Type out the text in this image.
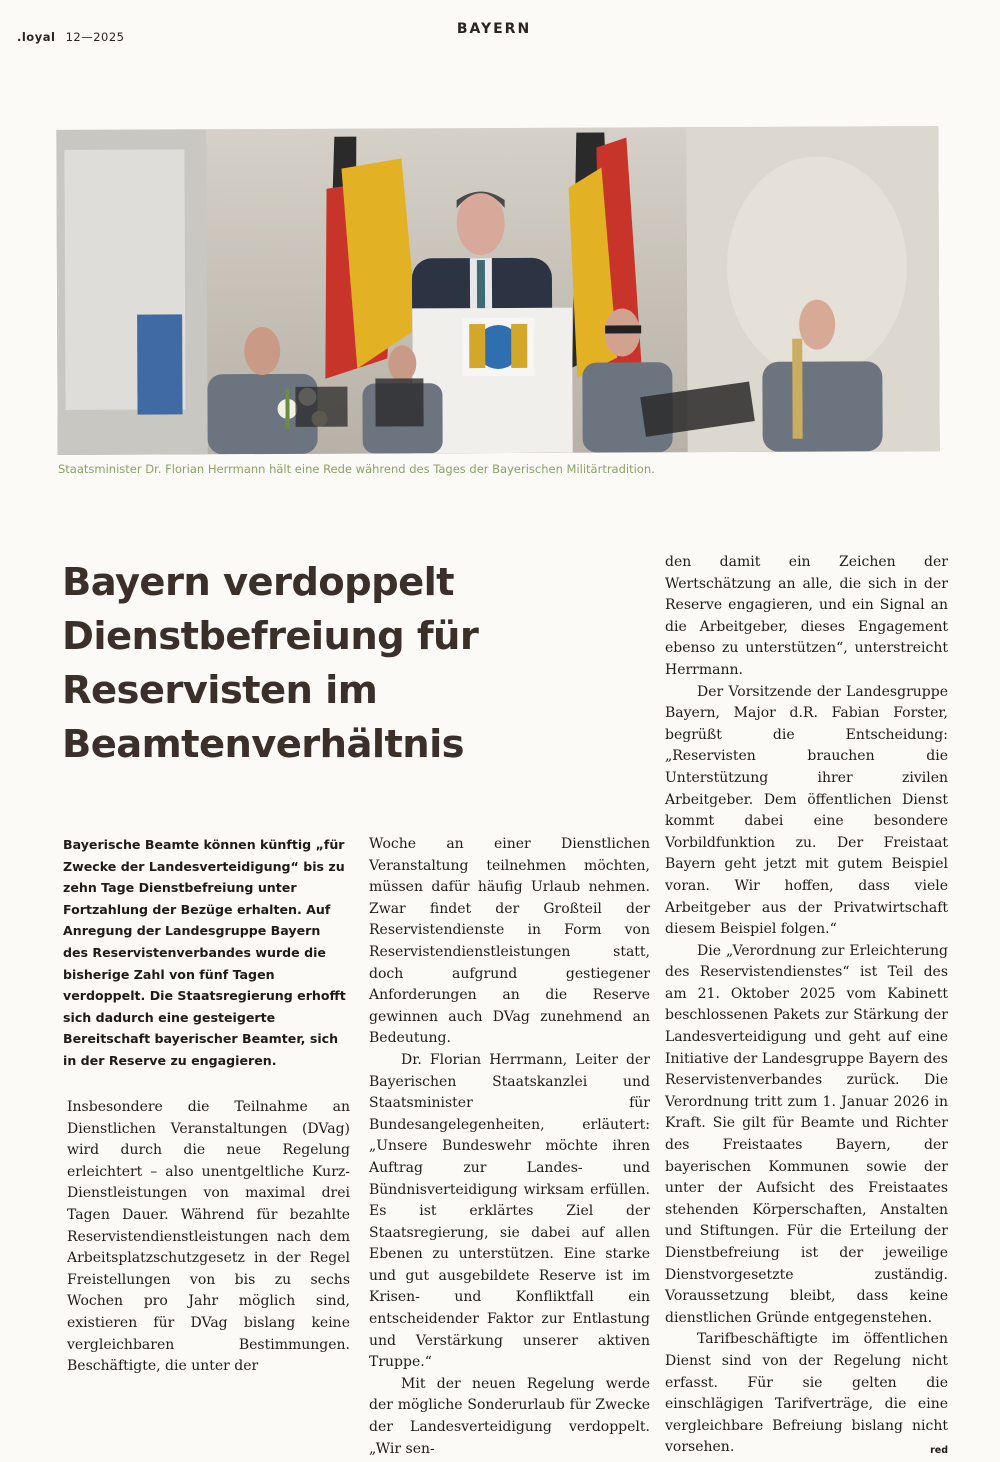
.loyal 12—2025	BAYERN
Staatsminister Dr. Florian Herrmann hält eine Rede während des Tages der Bayerischen Militärtradition.
Bayern verdoppelt Dienstbefreiung für Reservisten im Beamtenverhältnis

Bayerische Beamte können künftig „für Zwecke der Landesverteidigung“ bis zu zehn Tage Dienstbefreiung unter Fortzahlung der Bezüge erhalten. Auf Anregung der Landesgruppe Bayern des Reservistenverbandes wurde die bisherige Zahl von fünf Tagen verdoppelt. Die Staatsregierung erhofft sich dadurch eine gesteigerte Bereitschaft bayerischer Beamter, sich in der Reserve zu engagieren.

Insbesondere die Teilnahme an Dienstlichen Veranstaltungen (DVag) wird durch die neue Regelung erleichtert – also unentgeltliche Kurz-Dienstleistungen von maximal drei Tagen Dauer. Während für bezahlte Reservistendienstleistungen nach dem Arbeitsplatzschutzgesetz in der Regel Freistellungen von bis zu sechs Wochen pro Jahr möglich sind, existieren für DVag bislang keine vergleichbaren Bestimmungen. Beschäftigte, die unter der

Woche an einer Dienstlichen Veranstaltung teilnehmen möchten, müssen dafür häufig Urlaub nehmen. Zwar findet der Großteil der Reservistendienste in Form von Reservistendienstleistungen statt, doch aufgrund gestiegener Anforderungen an die Reserve gewinnen auch DVag zunehmend an Bedeutung.

Dr. Florian Herrmann, Leiter der Bayerischen Staatskanzlei und Staatsminister für Bundesangelegenheiten, erläutert: „Unsere Bundeswehr möchte ihren Auftrag zur Landes- und Bündnisverteidigung wirksam erfüllen. Es ist erklärtes Ziel der Staatsregierung, sie dabei auf allen Ebenen zu unterstützen. Eine starke und gut ausgebildete Reserve ist im Krisen- und Konfliktfall ein entscheidender Faktor zur Entlastung und Verstärkung unserer aktiven Truppe.“

Mit der neuen Regelung werde der mögliche Sonderurlaub für Zwecke der Landesverteidigung verdoppelt. „Wir sen-

den damit ein Zeichen der Wertschätzung an alle, die sich in der Reserve engagieren, und ein Signal an die Arbeitgeber, dieses Engagement ebenso zu unterstützen“, unterstreicht Herrmann.

Der Vorsitzende der Landesgruppe Bayern, Major d.R. Fabian Forster, begrüßt die Entscheidung: „Reservisten brauchen die Unterstützung ihrer zivilen Arbeitgeber. Dem öffentlichen Dienst kommt dabei eine besondere Vorbildfunktion zu. Der Freistaat Bayern geht jetzt mit gutem Beispiel voran. Wir hoffen, dass viele Arbeitgeber aus der Privatwirtschaft diesem Beispiel folgen.“

Die „Verordnung zur Erleichterung des Reservistendienstes“ ist Teil des am 21. Oktober 2025 vom Kabinett beschlossenen Pakets zur Stärkung der Landesverteidigung und geht auf eine Initiative der Landesgruppe Bayern des Reservistenverbandes zurück. Die Verordnung tritt zum 1. Januar 2026 in Kraft. Sie gilt für Beamte und Richter des Freistaates Bayern, der bayerischen Kommunen sowie der unter der Aufsicht des Freistaates stehenden Körperschaften, Anstalten und Stiftungen. Für die Erteilung der Dienstbefreiung ist der jeweilige Dienstvorgesetzte zuständig. Voraussetzung bleibt, dass keine dienstlichen Gründe entgegenstehen.

Tarifbeschäftigte im öffentlichen Dienst sind von der Regelung nicht erfasst. Für sie gelten die einschlägigen Tarifverträge, die eine vergleichbare Befreiung bislang nicht vorsehen.	red
